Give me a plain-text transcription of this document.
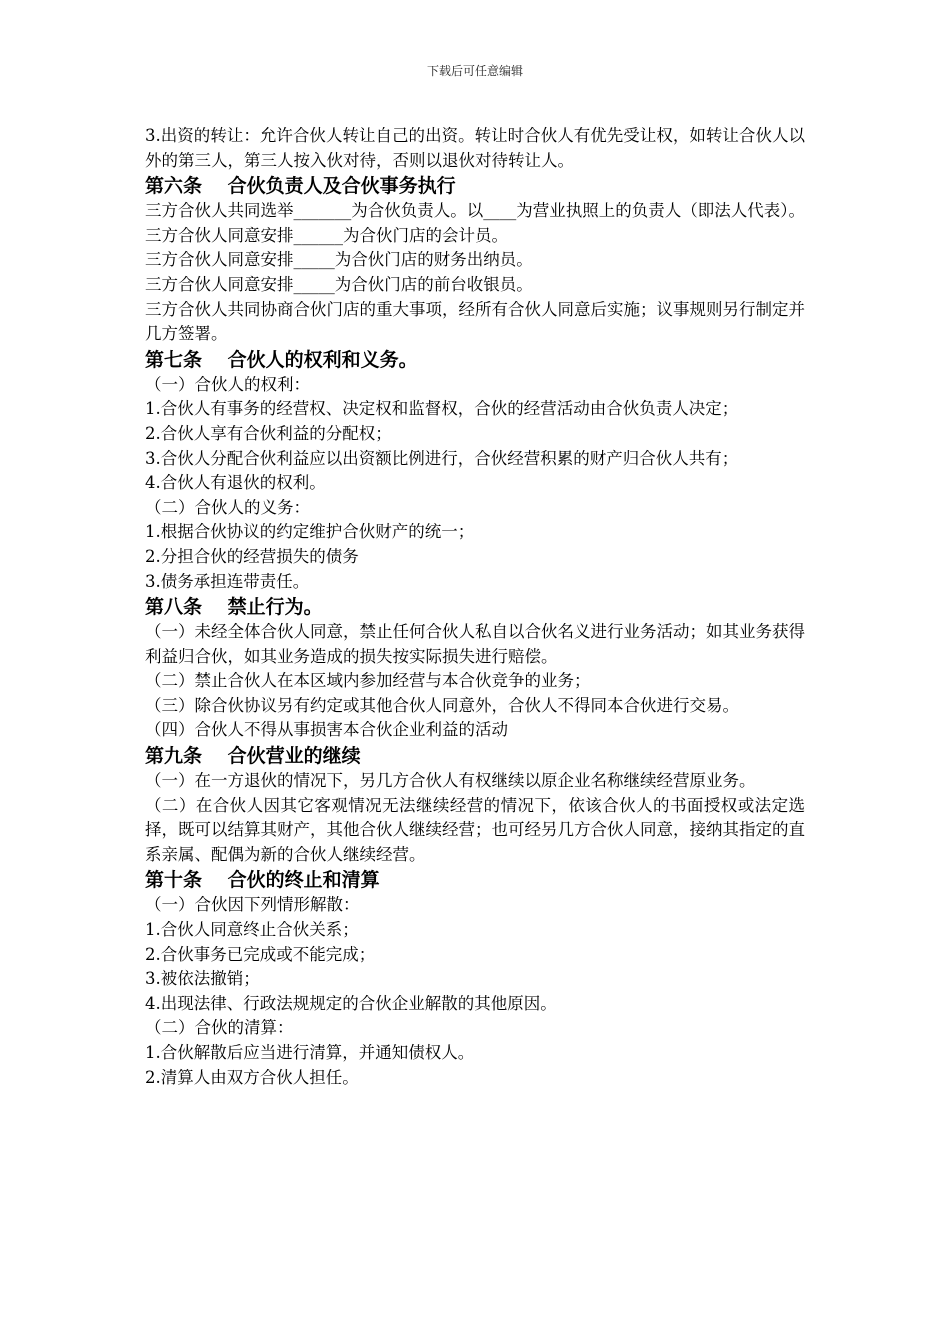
下载后可任意编辑
3.出资的转让：允许合伙人转让自己的出资。转让时合伙人有优先受让权，如转让合伙人以外的第三人，第三人按入伙对待，否则以退伙对待转让人。
第六条　 合伙负责人及合伙事务执行
三方合伙人共同选举_______为合伙负责人。以____为营业执照上的负责人（即法人代表）。
三方合伙人同意安排______为合伙门店的会计员。
三方合伙人同意安排_____为合伙门店的财务出纳员。
三方合伙人同意安排_____为合伙门店的前台收银员。
三方合伙人共同协商合伙门店的重大事项，经所有合伙人同意后实施；议事规则另行制定并几方签署。
第七条　 合伙人的权利和义务。
（一）合伙人的权利：
1.合伙人有事务的经营权、决定权和监督权，合伙的经营活动由合伙负责人决定；
2.合伙人享有合伙利益的分配权；
3.合伙人分配合伙利益应以出资额比例进行，合伙经营积累的财产归合伙人共有；
4.合伙人有退伙的权利。
（二）合伙人的义务：
1.根据合伙协议的约定维护合伙财产的统一；
2.分担合伙的经营损失的债务
3.债务承担连带责任。
第八条　 禁止行为。
（一）未经全体合伙人同意，禁止任何合伙人私自以合伙名义进行业务活动；如其业务获得利益归合伙，如其业务造成的损失按实际损失进行赔偿。
（二）禁止合伙人在本区域内参加经营与本合伙竞争的业务；
（三）除合伙协议另有约定或其他合伙人同意外，合伙人不得同本合伙进行交易。
（四）合伙人不得从事损害本合伙企业利益的活动
第九条　 合伙营业的继续
（一）在一方退伙的情况下，另几方合伙人有权继续以原企业名称继续经营原业务。
（二）在合伙人因其它客观情况无法继续经营的情况下，依该合伙人的书面授权或法定选择，既可以结算其财产，其他合伙人继续经营；也可经另几方合伙人同意，接纳其指定的直系亲属、配偶为新的合伙人继续经营。
第十条　 合伙的终止和清算
（一）合伙因下列情形解散：
1.合伙人同意终止合伙关系；
2.合伙事务已完成或不能完成；
3.被依法撤销；
4.出现法律、行政法规规定的合伙企业解散的其他原因。
（二）合伙的清算：
1.合伙解散后应当进行清算，并通知债权人。
2.清算人由双方合伙人担任。
